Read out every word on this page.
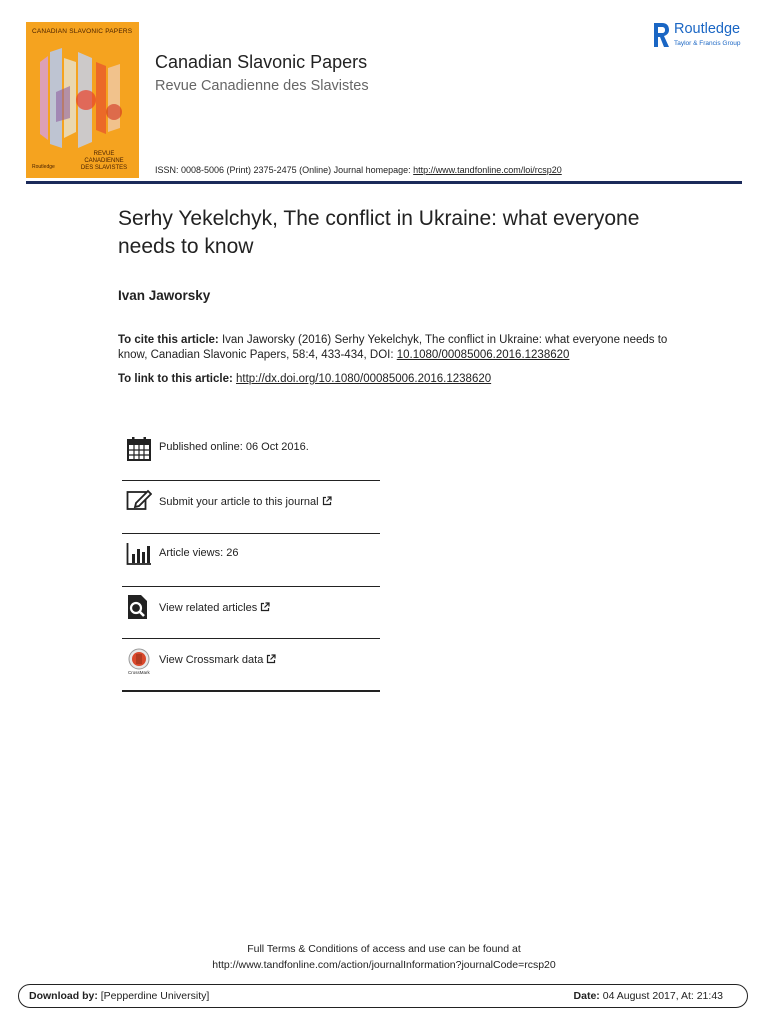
CANADIAN SLAVONIC PAPERS
REVUE
CANADIENNE
DES SLAVISTES
Routledge
Canadian Slavonic Papers
Revue Canadienne des Slavistes
ISSN: 0008-5006 (Print) 2375-2475 (Online) Journal homepage: http://www.tandfonline.com/loi/rcsp20
Routledge
Taylor & Francis Group
Serhy Yekelchyk, The conflict in Ukraine: what everyone needs to know
Ivan Jaworsky
To cite this article: Ivan Jaworsky (2016) Serhy Yekelchyk, The conflict in Ukraine: what everyone needs to know, Canadian Slavonic Papers, 58:4, 433-434, DOI: 10.1080/00085006.2016.1238620
To link to this article: http://dx.doi.org/10.1080/00085006.2016.1238620
Published online: 06 Oct 2016.
Submit your article to this journal
Article views: 26
View related articles
CrossMark
View Crossmark data
Full Terms & Conditions of access and use can be found at
http://www.tandfonline.com/action/journalInformation?journalCode=rcsp20
Download by: [Pepperdine University]	Date: 04 August 2017, At: 21:43
